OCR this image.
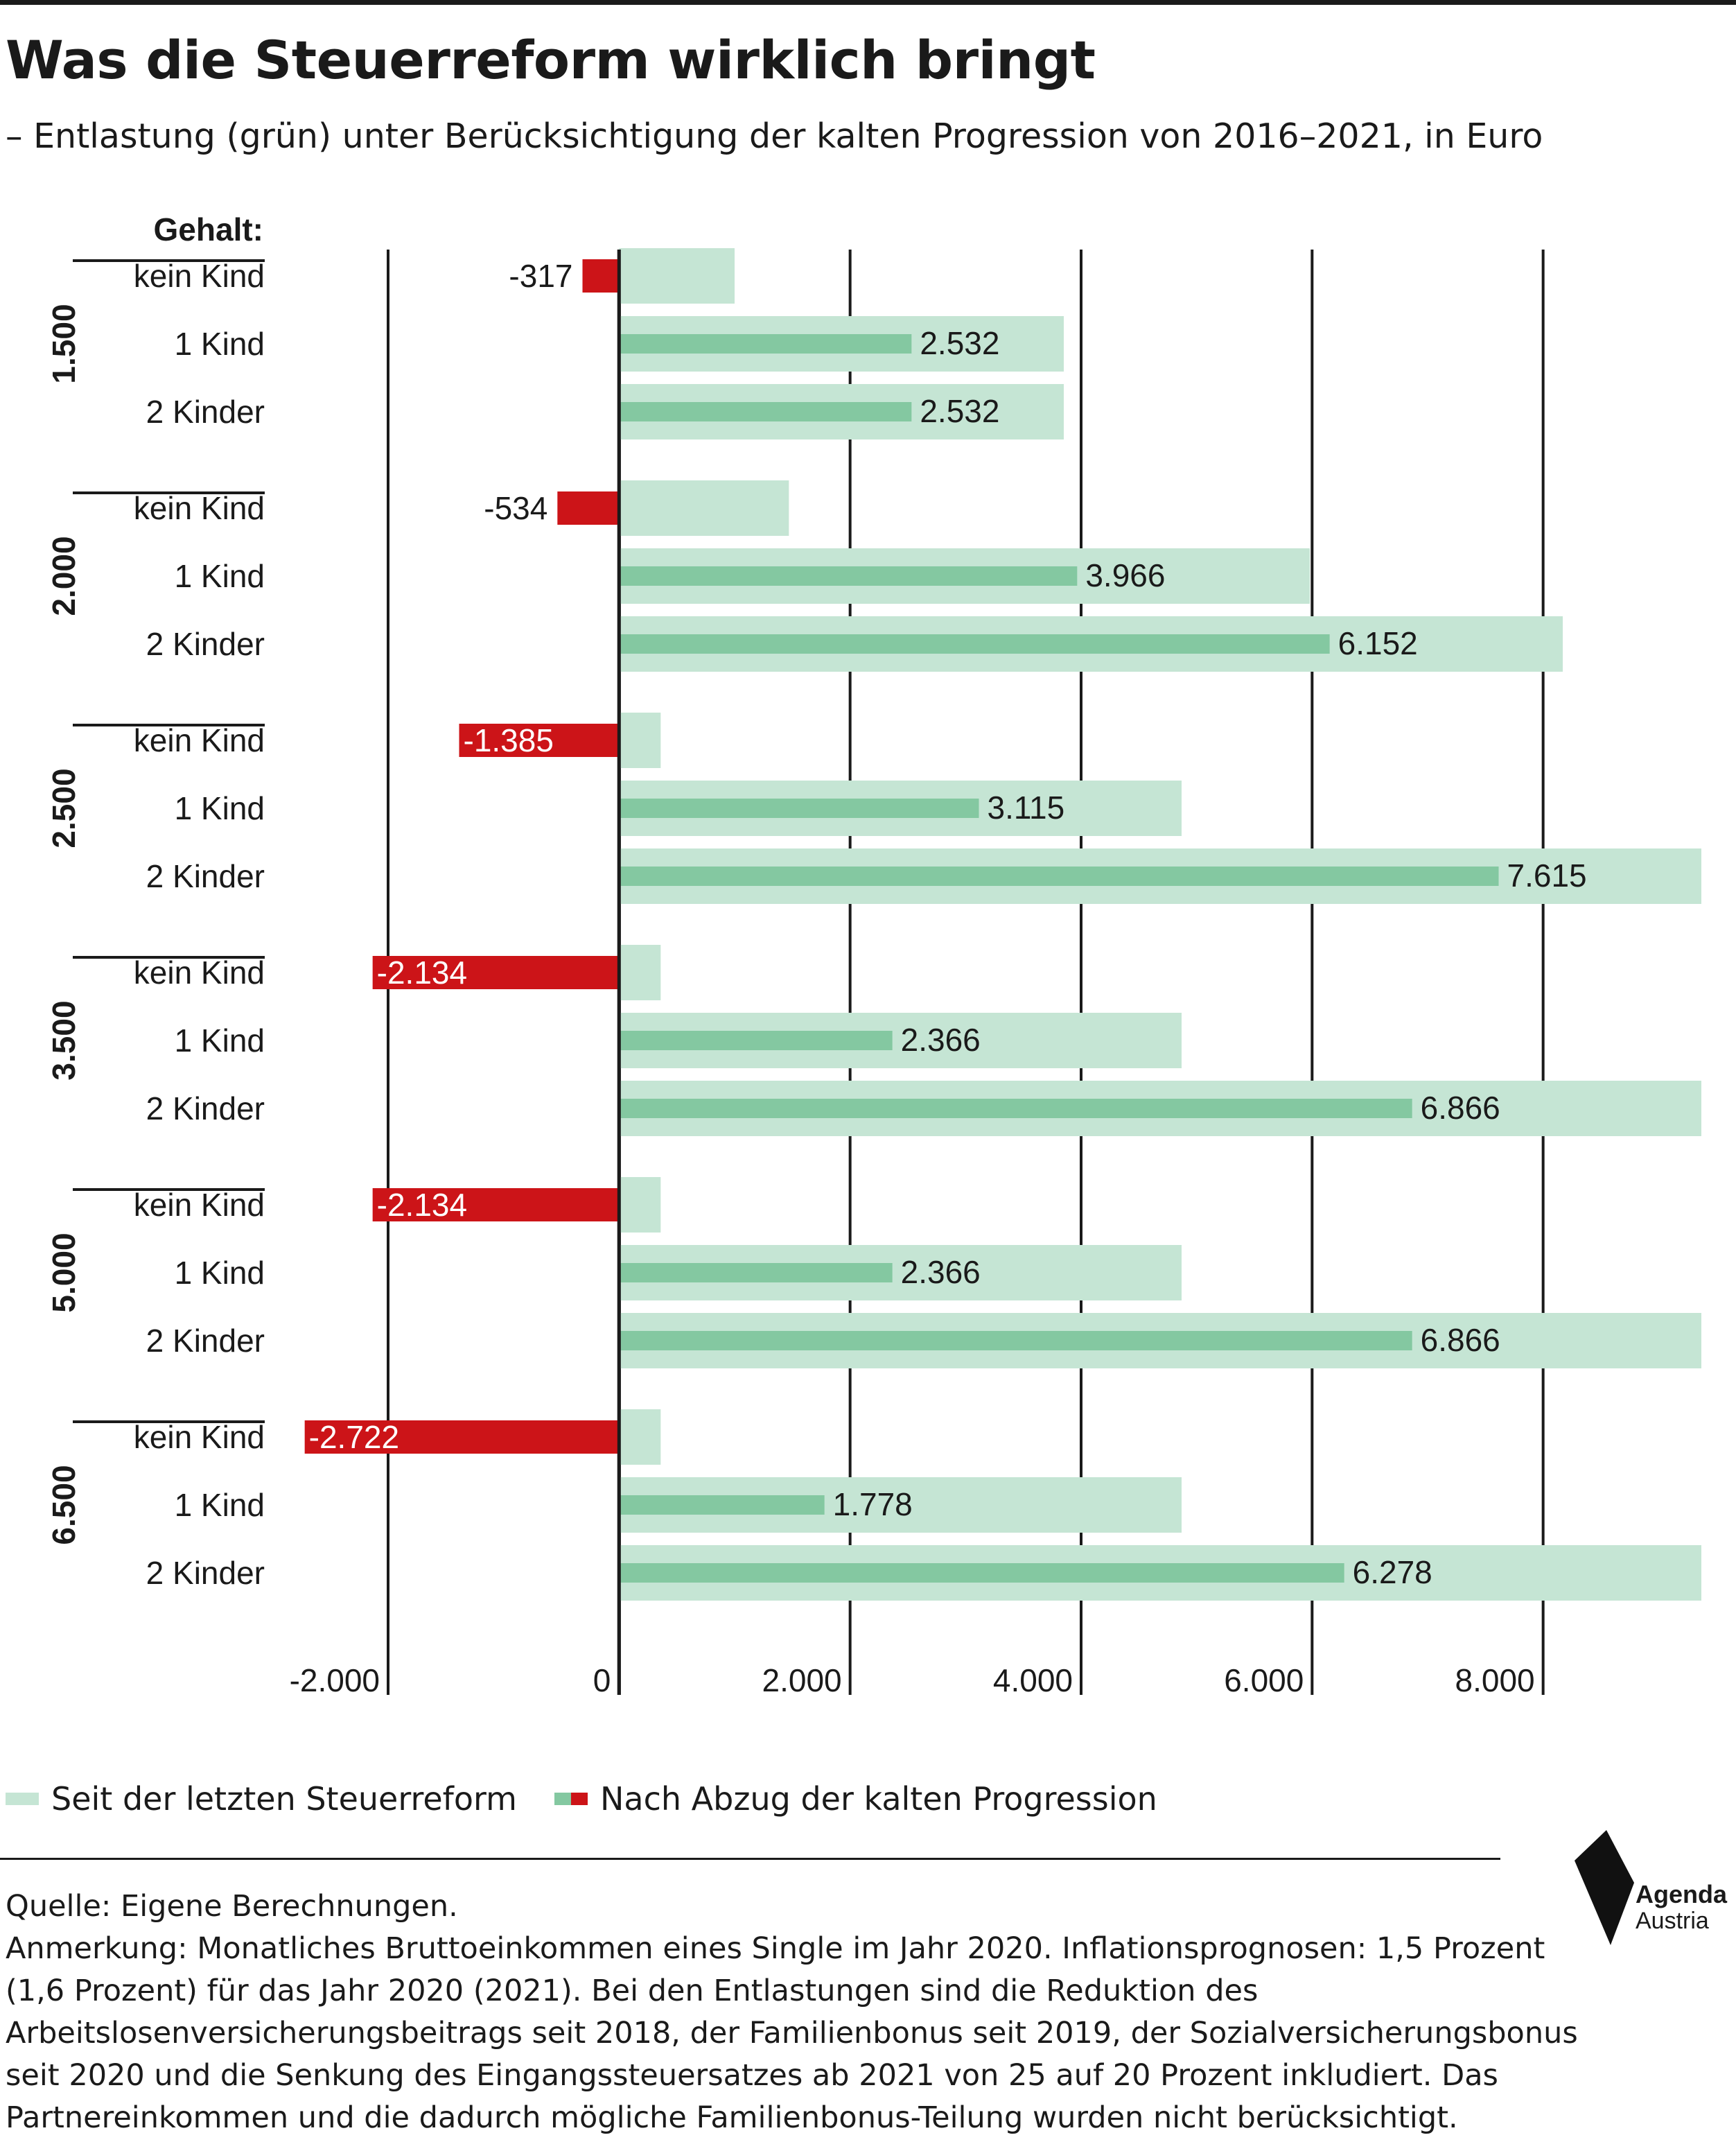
Was die Steuerreform wirklich bringt
– Entlastung (grün) unter Berücksichtigung der kalten Progression von 2016–2021, in Euro
Gehalt:
1.500
kein Kind	-317
1 Kind	2.532
2 Kinder	2.532
2.000
kein Kind	-534
1 Kind	3.966
2 Kinder	6.152
2.500
kein Kind	-1.385
1 Kind	3.115
2 Kinder	7.615
3.500
kein Kind	-2.134
1 Kind	2.366
2 Kinder	6.866
5.000
kein Kind	-2.134
1 Kind	2.366
2 Kinder	6.866
6.500
kein Kind -2.722
1 Kind	1.778
2 Kinder	6.278
-2.000	0	2.000	4.000	6.000	8.000
Seit der letzten Steuerreform	Nach Abzug der kalten Progression

Quelle: Eigene Berechnungen.

Anmerkung: Monatliches Bruttoeinkommen eines Single im Jahr 2020. Inflationsprognosen: 1,5 Prozent (1,6 Prozent) für das Jahr 2020 (2021). Bei den Entlastungen sind die Reduktion des Arbeitslosenversicherungsbeitrags seit 2018, der Familienbonus seit 2019, der Sozialversicherungsbonus seit 2020 und die Senkung des Eingangssteuersatzes ab 2021 von 25 auf 20 Prozent inkludiert. Das Partnereinkommen und die dadurch mögliche Familienbonus-Teilung wurden nicht berücksichtigt.

Agenda
Austria
